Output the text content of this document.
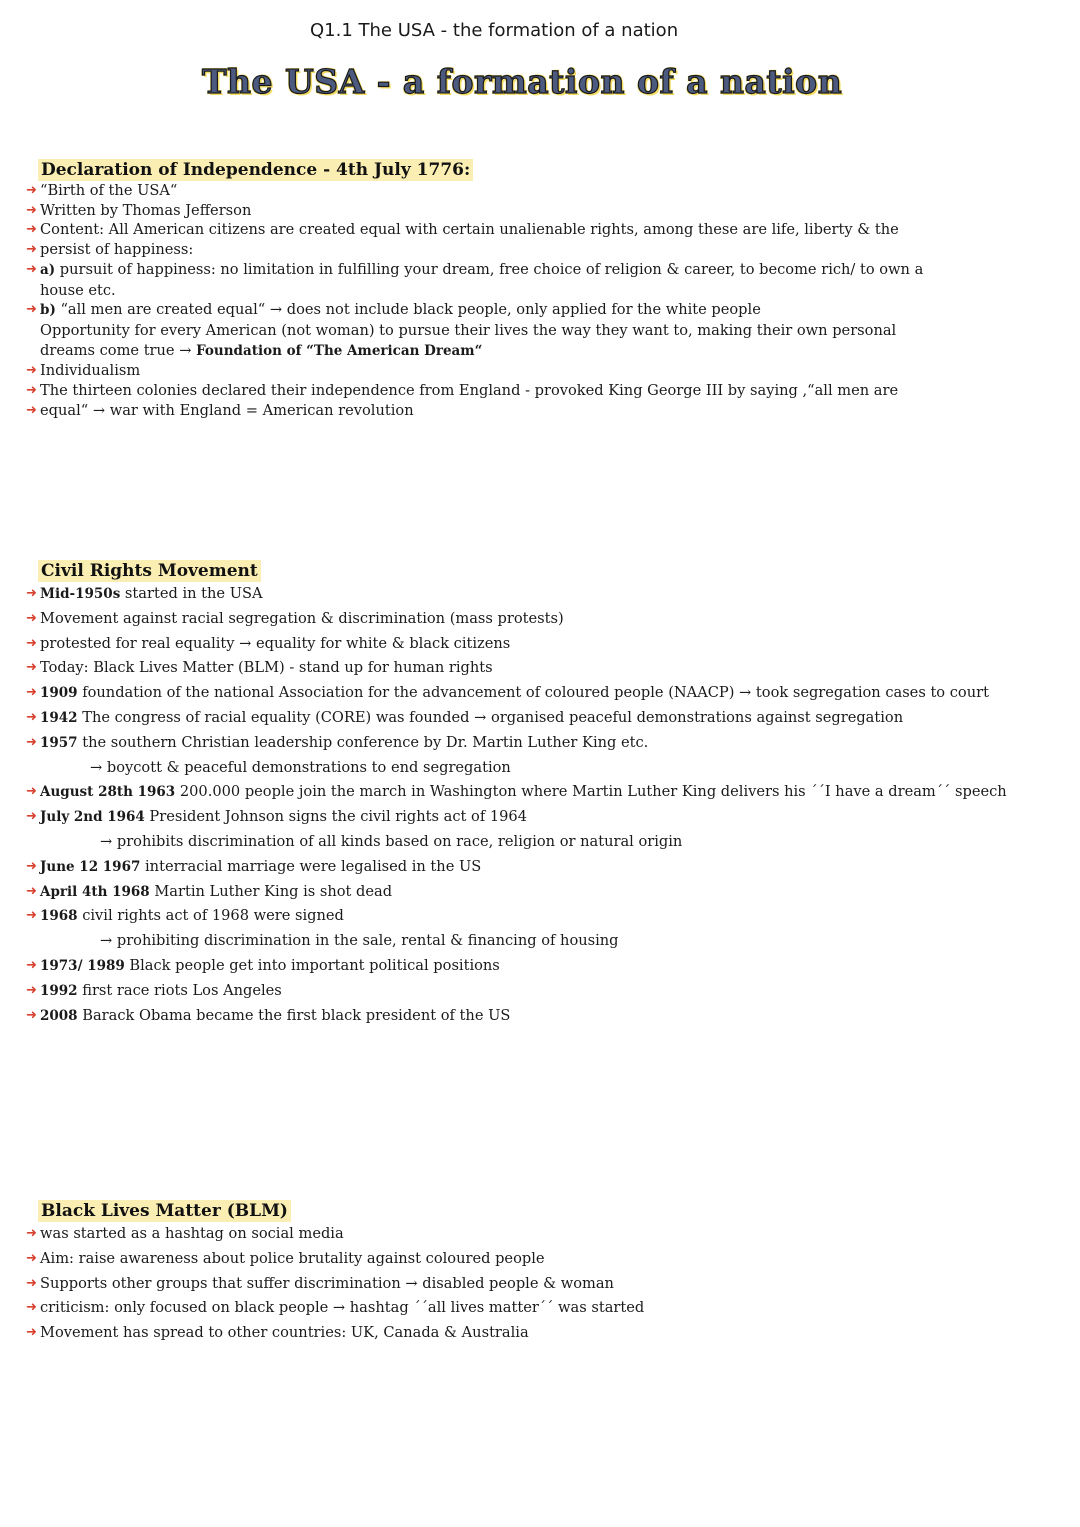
Q1.1 The USA - the formation of a nation
The USA - a formation of a nation
Declaration of Independence - 4th July 1776:
➜ “Birth of the USA“
➜ Written by Thomas Jefferson
➜ Content: All American citizens are created equal with certain unalienable rights, among these are life, liberty & the
➜ persist of happiness:
➜ a) pursuit of happiness: no limitation in fulfilling your dream, free choice of religion & career, to become rich/ to own a
house etc.
➜ b) “all men are created equal“ → does not include black people, only applied for the white people
Opportunity for every American (not woman) to pursue their lives the way they want to, making their own personal
dreams come true → Foundation of “The American Dream“
➜ Individualism
➜ The thirteen colonies declared their independence from England - provoked King George III by saying ,“all men are
➜ equal“ → war with England = American revolution
Civil Rights Movement
➜ Mid-1950s started in the USA
➜ Movement against racial segregation & discrimination (mass protests)
➜ protested for real equality → equality for white & black citizens
➜ Today: Black Lives Matter (BLM) - stand up for human rights
➜ 1909 foundation of the national Association for the advancement of coloured people (NAACP) → took segregation cases to court
➜ 1942 The congress of racial equality (CORE) was founded → organised peaceful demonstrations against segregation
➜ 1957 the southern Christian leadership conference by Dr. Martin Luther King etc.
→ boycott & peaceful demonstrations to end segregation
➜ August 28th 1963 200.000 people join the march in Washington where Martin Luther King delivers his ´´I have a dream´´ speech
➜ July 2nd 1964 President Johnson signs the civil rights act of 1964
→ prohibits discrimination of all kinds based on race, religion or natural origin
➜ June 12 1967 interracial marriage were legalised in the US
➜ April 4th 1968 Martin Luther King is shot dead
➜ 1968 civil rights act of 1968 were signed
→ prohibiting discrimination in the sale, rental & financing of housing
➜ 1973/ 1989 Black people get into important political positions
➜ 1992 first race riots Los Angeles
➜ 2008 Barack Obama became the first black president of the US
Black Lives Matter (BLM)
➜ was started as a hashtag on social media
➜ Aim: raise awareness about police brutality against coloured people
➜ Supports other groups that suffer discrimination → disabled people & woman
➜ criticism: only focused on black people → hashtag ´´all lives matter´´ was started
➜ Movement has spread to other countries: UK, Canada & Australia
